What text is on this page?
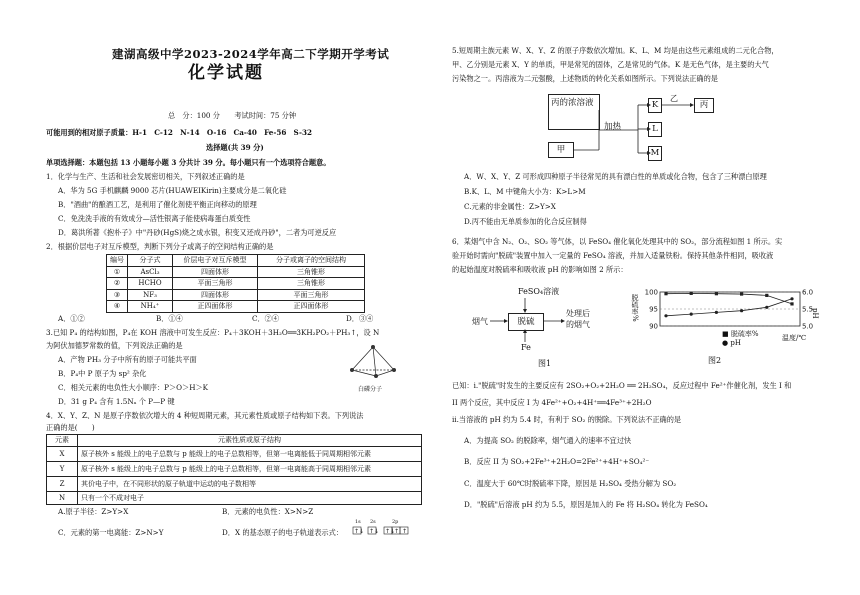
建湖高级中学2023-2024学年高二下学期开学考试
化学试题
总　分：100 分　　考试时间：75 分钟
可能用到的相对原子质量：H-1　C-12　N-14　O-16　Ca-40　Fe-56　S-32
选择题(共 39 分)
单项选择题：本题包括 13 小题每小题 3 分共计 39 分。每小题只有一个选项符合题意。
1．化学与生产、生活和社会发展密切相关，下列叙述正确的是
A．华为 5G 手机麒麟 9000 芯片(HUAWEIKirin)主要成分是二氧化硅
B．"酒曲"的酿酒工艺，是利用了催化剂使平衡正向移动的原理
C．免洗洗手液的有效成分—活性银离子能使病毒蛋白质变性
D．葛洪所著《抱朴子》中"丹砂(HgS)烧之成水银，积变又还成丹砂"，二者为可逆反应
2．根据价层电子对互斥模型，判断下列分子或离子的空间结构正确的是
编号	分子式	价层电子对互斥模型	分子或离子的空间结构
①	AsCl₃	四面体形	三角锥形
②	HCHO	平面三角形	三角锥形
③	NF₃	四面体形	平面三角形
④	NH₄⁺	正四面体形	正四面体形
A．①②	B．①④	C．②④	D．③④
3.已知 P₄ 的结构如图，P₄在 KOH 溶液中可发生反应：P₄＋3KOH＋3H₂O══3KH₂PO₂＋PH₃↑，设 N
为阿伏加德罗常数的值，下列说法正确的是
A．产物 PH₃ 分子中所有的原子可能共平面
B．P₄中 P 原子为 sp² 杂化
C．相关元素的电负性大小顺序：P＞O＞H＞K
D．31 g P₄ 含有 1.5Nₐ 个 P—P 键
白磷分子
4．X、Y、Z、N 是原子序数依次增大的 4 种短周期元素，其元素性质或原子结构如下表。下列说法
正确的是(　　)
元素	元素性质或原子结构
X	原子核外 s 能级上的电子总数与 p 能级上的电子总数相等，但第一电离能低于同周期相邻元素
Y	原子核外 s 能级上的电子总数与 p 能级上的电子总数相等，但第一电离能高于同周期相邻元素
Z	其价电子中，在不同形状的原子轨道中运动的电子数相等
N	只有一个不成对电子
A.原子半径：Z>Y>X	B．元素的电负性：X>N>Z
C．元素的第一电离能：Z>N>Y	D．X 的基态原子的电子轨道表示式：
1s 2s	2p
↑↓ ↑↓ ↑↓
↑ ↑
5.短周期主族元素 W、X、Y、Z 的原子序数依次增加。K、L、M 均是由这些元素组成的二元化合物，
甲、乙分别是元素 X、Y 的单质，甲是常见的固体，乙是常见的气体。K 是无色气体，是主要的大气
污染物之一。丙溶液为二元强酸，上述物质的转化关系如图所示。下列说法正确的是
丙的浓溶液
甲
加热
K
L
M
乙
丙
A．W、X、Y、Z 可形成四种原子半径常见的具有漂白性的单质或化合物，包含了三种漂白原理
B.K、L、M 中键角大小为：K>L>M
C.元素的非金属性：Z>Y>X
D.丙不能由无单质参加的化合反应制得
6．某烟气中含 N₂、O₂、SO₂ 等气体，以 FeSO₄ 催化氧化处理其中的 SO₂，部分流程如图 1 所示。实
验开始时需向"脱硫"装置中加入一定量的 FeSO₄ 溶液，并加入适量铁粉。保持其他条件相同，吸收液
的起始温度对脱硫率和吸收液 pH 的影响如图 2 所示：
FeSO₄溶液
烟气	脱硫
Fe
处理后
的烟气
图1
90
95
100
5.0
5.5
6.0
脱硫率%	pH
■ 脱硫率%
● pH
温度/℃
图2
已知：i."脱硫"时发生的主要反应有 2SO₂+O₂+2H₂O ══ 2H₂SO₄，反应过程中 Fe²⁺作催化剂，发生 I 和
II 两个反应，其中反应 I 为 4Fe²⁺+O₂+4H⁺══4Fe³⁺+2H₂O
ii.当溶液的 pH 约为 5.4 时，有利于 SO₂ 的脱除。下列说法不正确的是
A．为提高 SO₂ 的脱除率，烟气通入的速率不宜过快
B．反应 II 为 SO₂+2Fe³⁺+2H₂O=2Fe²⁺+4H⁺+SO₄²⁻
C．温度大于 60℃时脱硫率下降，原因是 H₂SO₄ 受热分解为 SO₂
D．"脱硫"后溶液 pH 约为 5.5，原因是加入的 Fe 将 H₂SO₄ 转化为 FeSO₄
